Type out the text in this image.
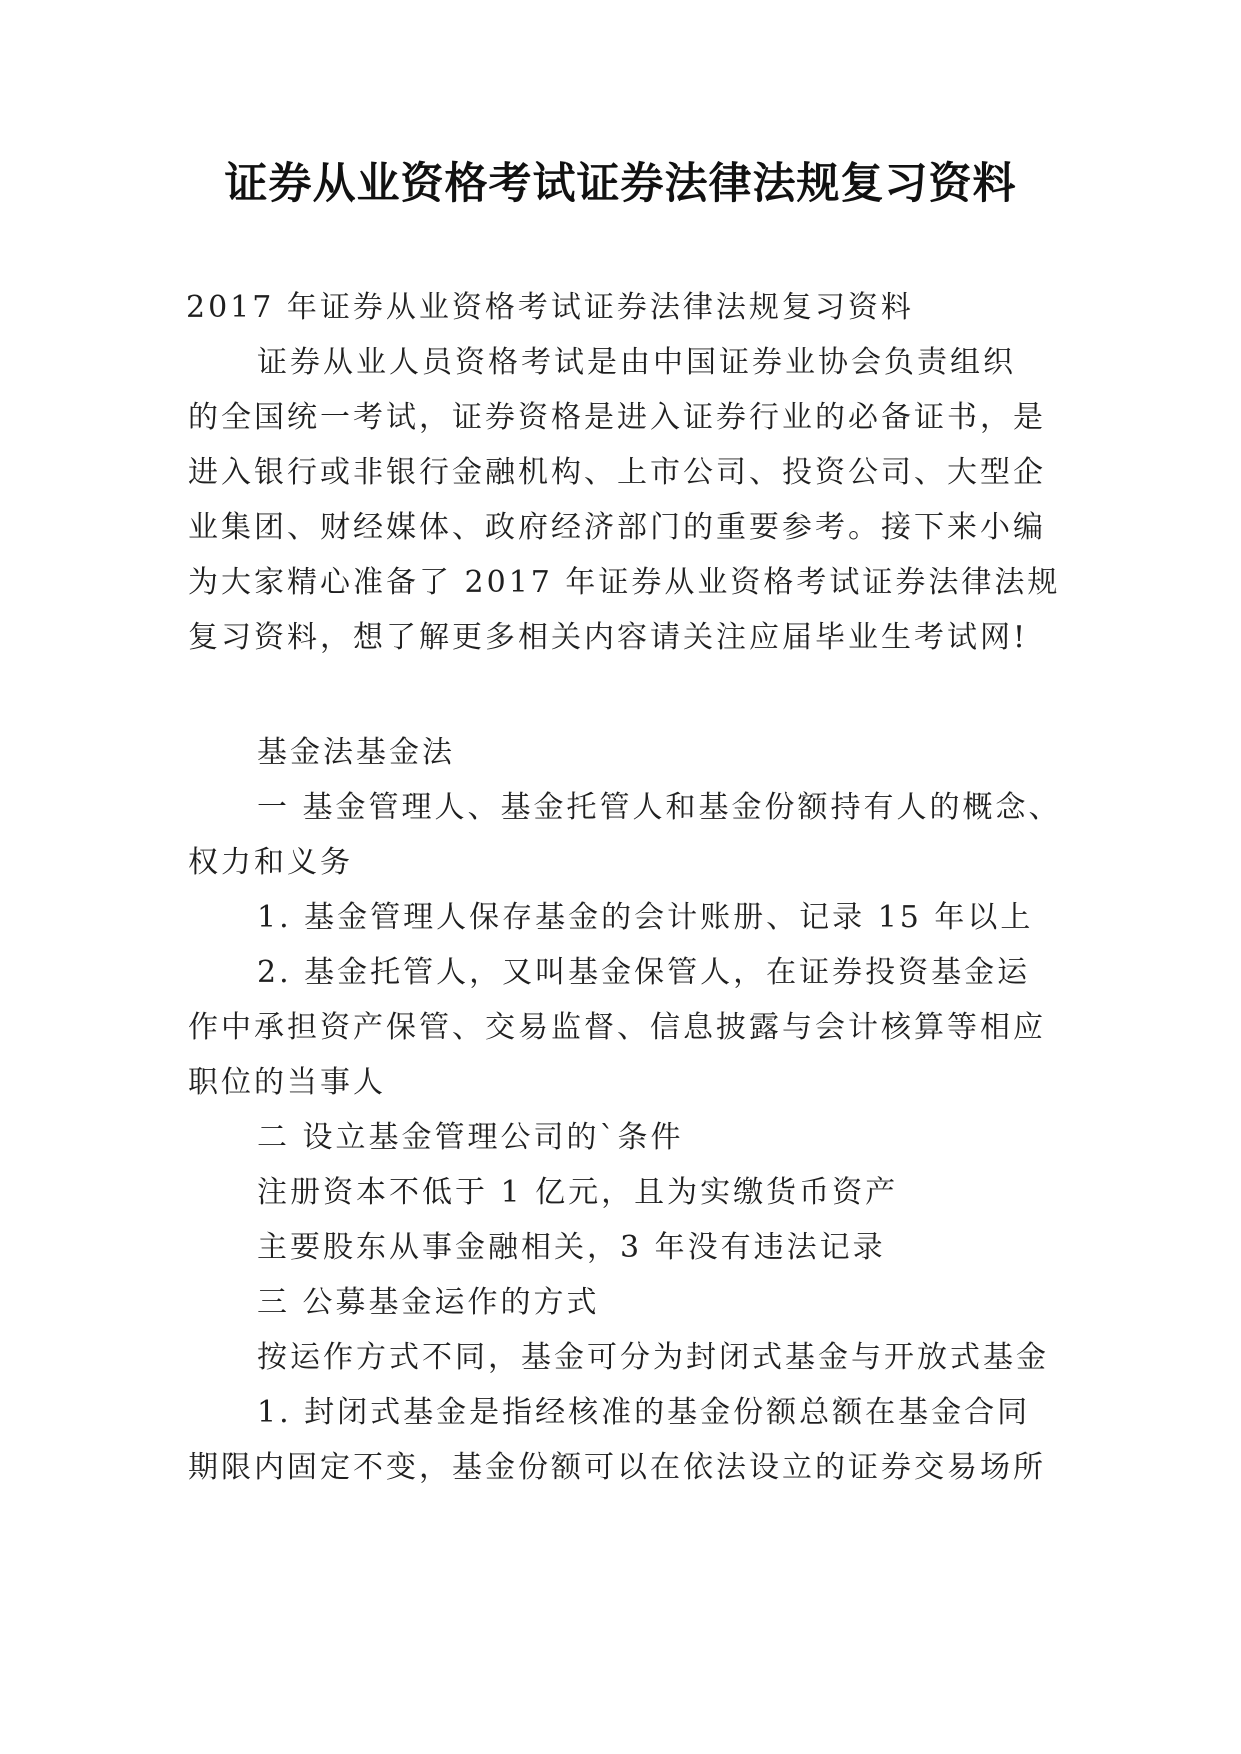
证券从业资格考试证券法律法规复习资料
2017 年证券从业资格考试证券法律法规复习资料
证券从业人员资格考试是由中国证券业协会负责组织
的全国统一考试，证券资格是进入证券行业的必备证书，是
进入银行或非银行金融机构、上市公司、投资公司、大型企
业集团、财经媒体、政府经济部门的重要参考。接下来小编
为大家精心准备了 2017 年证券从业资格考试证券法律法规
复习资料，想了解更多相关内容请关注应届毕业生考试网!
基金法基金法
一 基金管理人、基金托管人和基金份额持有人的概念、
权力和义务
1. 基金管理人保存基金的会计账册、记录 15 年以上
2. 基金托管人，又叫基金保管人，在证券投资基金运
作中承担资产保管、交易监督、信息披露与会计核算等相应
职位的当事人
二 设立基金管理公司的`条件
注册资本不低于 1 亿元，且为实缴货币资产
主要股东从事金融相关，3 年没有违法记录
三 公募基金运作的方式
按运作方式不同，基金可分为封闭式基金与开放式基金
1. 封闭式基金是指经核准的基金份额总额在基金合同
期限内固定不变，基金份额可以在依法设立的证券交易场所
